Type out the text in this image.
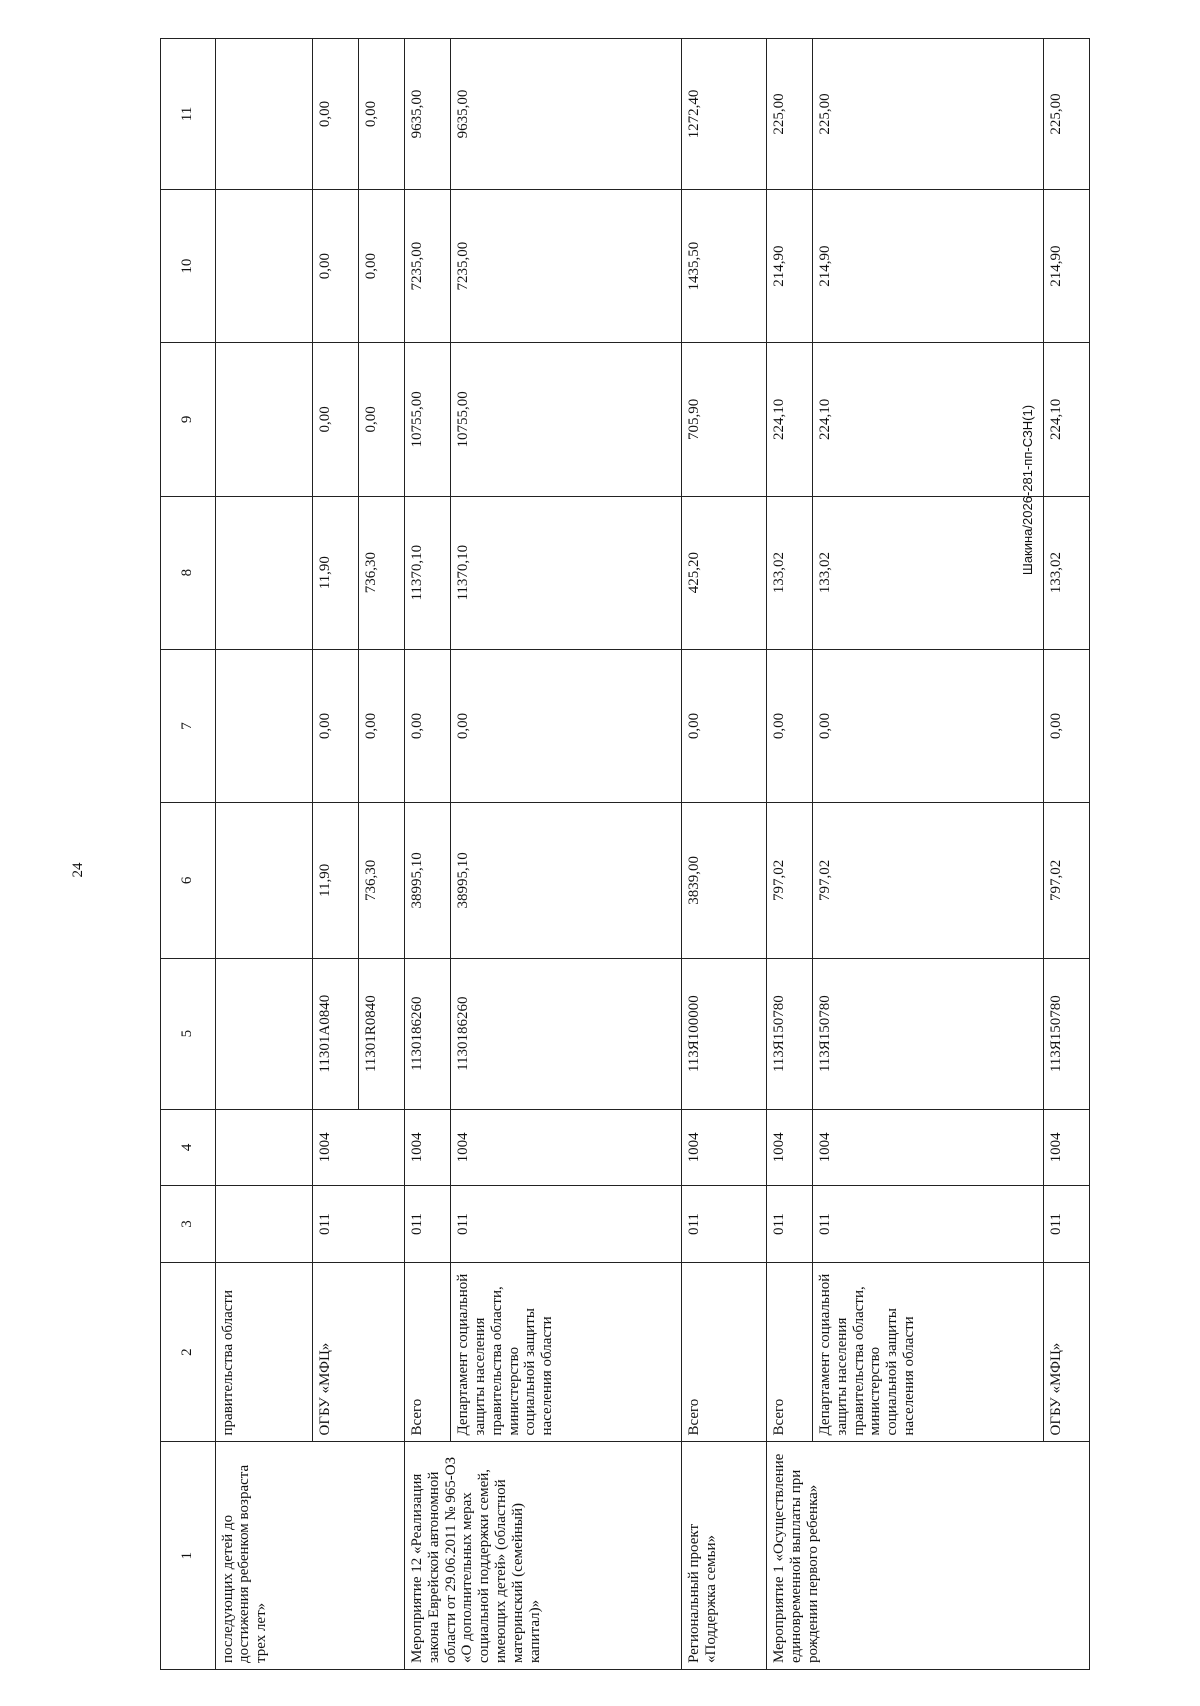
24
Шакина/2026-281-пп-СЗН(1)
1	2	3	4	5	6	7	8	9	10	11
последующих детей до достижения ребенком возраста трех лет»	правительства области									
	ОГБУ «МФЦ»	011	1004	11301А0840	11,90	0,00	11,90	0,00	0,00	0,00
				11301R0840	736,30	0,00	736,30	0,00	0,00	0,00
Мероприятие 12 «Реализация закона Еврейской автономной области от 29.06.2011 № 965-ОЗ «О дополнительных мерах социальной поддержки семей, имеющих детей» (областной материнский (семейный) капитал)»	Всего	011	1004	1130186260	38995,10	0,00	11370,10	10755,00	7235,00	9635,00
	Департамент социальной защиты населения правительства области, министерство социальной защиты населения области	011	1004	1130186260	38995,10	0,00	11370,10	10755,00	7235,00	9635,00
Региональный проект «Поддержка семьи»	Всего	011	1004	113Я100000	3839,00	0,00	425,20	705,90	1435,50	1272,40
Мероприятие 1 «Осуществление единовременной выплаты при рождении первого ребенка»	Всего	011	1004	113Я150780	797,02	0,00	133,02	224,10	214,90	225,00
	Департамент социальной защиты населения правительства области, министерство социальной защиты населения области	011	1004	113Я150780	797,02	0,00	133,02	224,10	214,90	225,00
	ОГБУ «МФЦ»	011	1004	113Я150780	797,02	0,00	133,02	224,10	214,90	225,00
